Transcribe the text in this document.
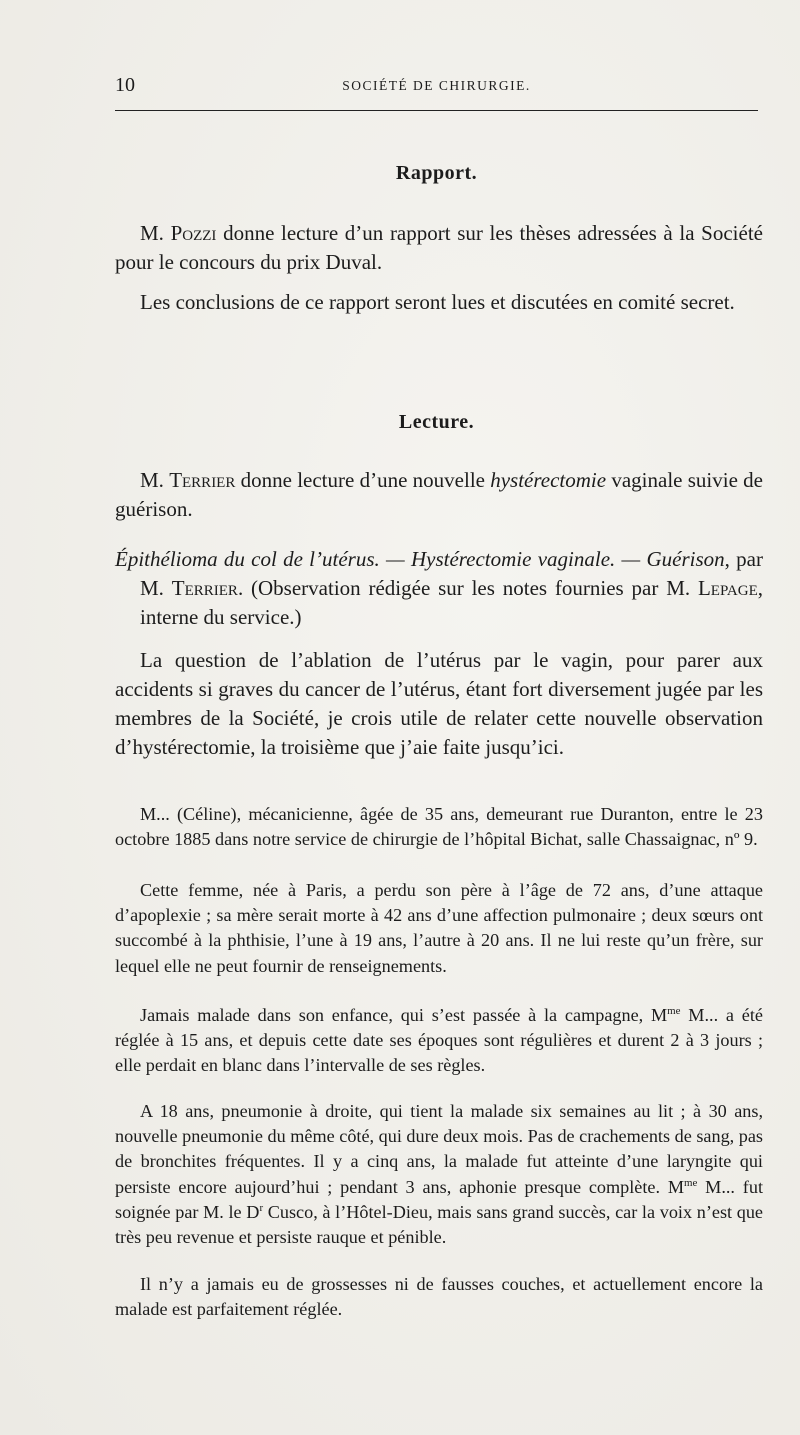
10	SOCIÉTÉ DE CHIRURGIE.
Rapport.
M. Pozzi donne lecture d’un rapport sur les thèses adressées à la Société pour le concours du prix Duval.
Les conclusions de ce rapport seront lues et discutées en comité secret.
Lecture.
M. Terrier donne lecture d’une nouvelle hystérectomie vaginale suivie de guérison.
Épithélioma du col de l’utérus. — Hystérectomie vaginale. — Guérison, par M. Terrier. (Observation rédigée sur les notes fournies par M. Lepage, interne du service.)
La question de l’ablation de l’utérus par le vagin, pour parer aux accidents si graves du cancer de l’utérus, étant fort diversement jugée par les membres de la Société, je crois utile de relater cette nouvelle observation d’hystérectomie, la troisième que j’aie faite jusqu’ici.
M... (Céline), mécanicienne, âgée de 35 ans, demeurant rue Duranton, entre le 23 octobre 1885 dans notre service de chirurgie de l’hôpital Bichat, salle Chassaignac, nº 9.
Cette femme, née à Paris, a perdu son père à l’âge de 72 ans, d’une attaque d’apoplexie ; sa mère serait morte à 42 ans d’une affection pulmonaire ; deux sœurs ont succombé à la phthisie, l’une à 19 ans, l’autre à 20 ans. Il ne lui reste qu’un frère, sur lequel elle ne peut fournir de renseignements.
Jamais malade dans son enfance, qui s’est passée à la campagne, $M^{me}$ M... a été réglée à 15 ans, et depuis cette date ses époques sont régulières et durent 2 à 3 jours ; elle perdait en blanc dans l’intervalle de ses règles.
A 18 ans, pneumonie à droite, qui tient la malade six semaines au lit ; à 30 ans, nouvelle pneumonie du même côté, qui dure deux mois. Pas de crachements de sang, pas de bronchites fréquentes. Il y a cinq ans, la malade fut atteinte d’une laryngite qui persiste encore aujourd’hui ; pendant 3 ans, aphonie presque complète. $M^{me}$ M... fut soignée par M. le $D^r$ Cusco, à l’Hôtel-Dieu, mais sans grand succès, car la voix n’est que très peu revenue et persiste rauque et pénible.
Il n’y a jamais eu de grossesses ni de fausses couches, et actuellement encore la malade est parfaitement réglée.
